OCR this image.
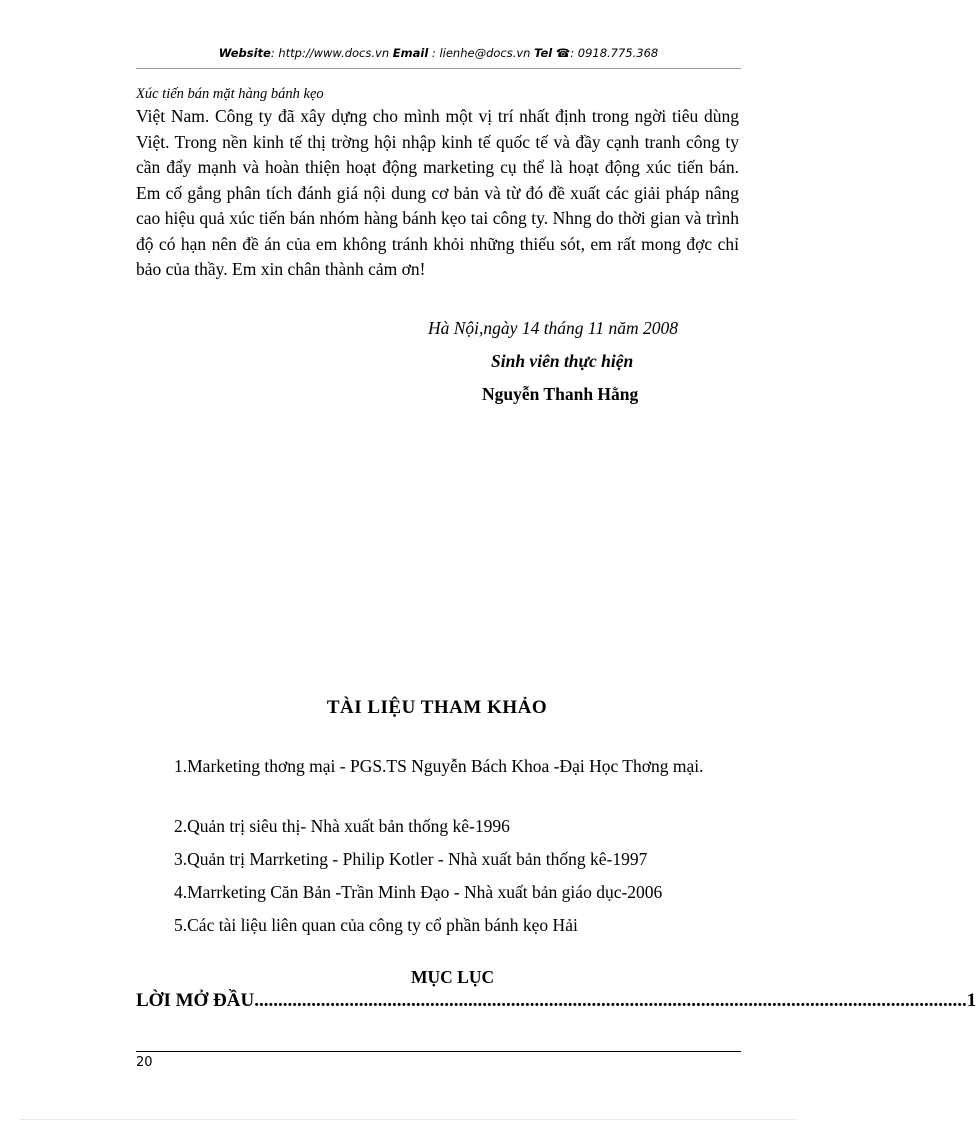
Website: http://www.docs.vn Email : lienhe@docs.vn Tel ☎: 0918.775.368
Xúc tiến bán mặt hàng bánh kẹo
Việt Nam. Công ty đã xây dựng cho mình một vị trí nhất định trong ngời tiêu dùng Việt. Trong nền kinh tế thị trờng hội nhập kinh tế quốc tế và đầy cạnh tranh công ty cần đẩy mạnh và hoàn thiện hoạt động marketing cụ thể là hoạt động xúc tiến bán. Em cố gắng phân tích đánh giá nội dung cơ bản và từ đó đề xuất các giải pháp nâng cao hiệu quả xúc tiến bán nhóm hàng bánh kẹo tai công ty. Nhng do thời gian và trình độ có hạn nên đề án của em không tránh khỏi những thiếu sót, em rất mong đợc chỉ bảo của thầy. Em xin chân thành cảm ơn!
Hà Nội,ngày 14 tháng 11 năm 2008
Sinh viên thực hiện
Nguyễn Thanh Hằng
TÀI LIỆU THAM KHẢO
1.Marketing thơng mại - PGS.TS Nguyễn Bách Khoa -Đại Học Thơng mại.
2.Quản trị siêu thị- Nhà xuất bản thống kê-1996
3.Quản trị Marrketing - Philip Kotler - Nhà xuất bản thống kê-1997
4.Marrketing Căn Bản -Trần Minh Đạo - Nhà xuất bản giáo dục-2006
5.Các tài liệu liên quan của công ty cổ phần bánh kẹo Hải
MỤC LỤC
LỜI MỞ ĐẦU ...................................................................................................................................................... 1
20
